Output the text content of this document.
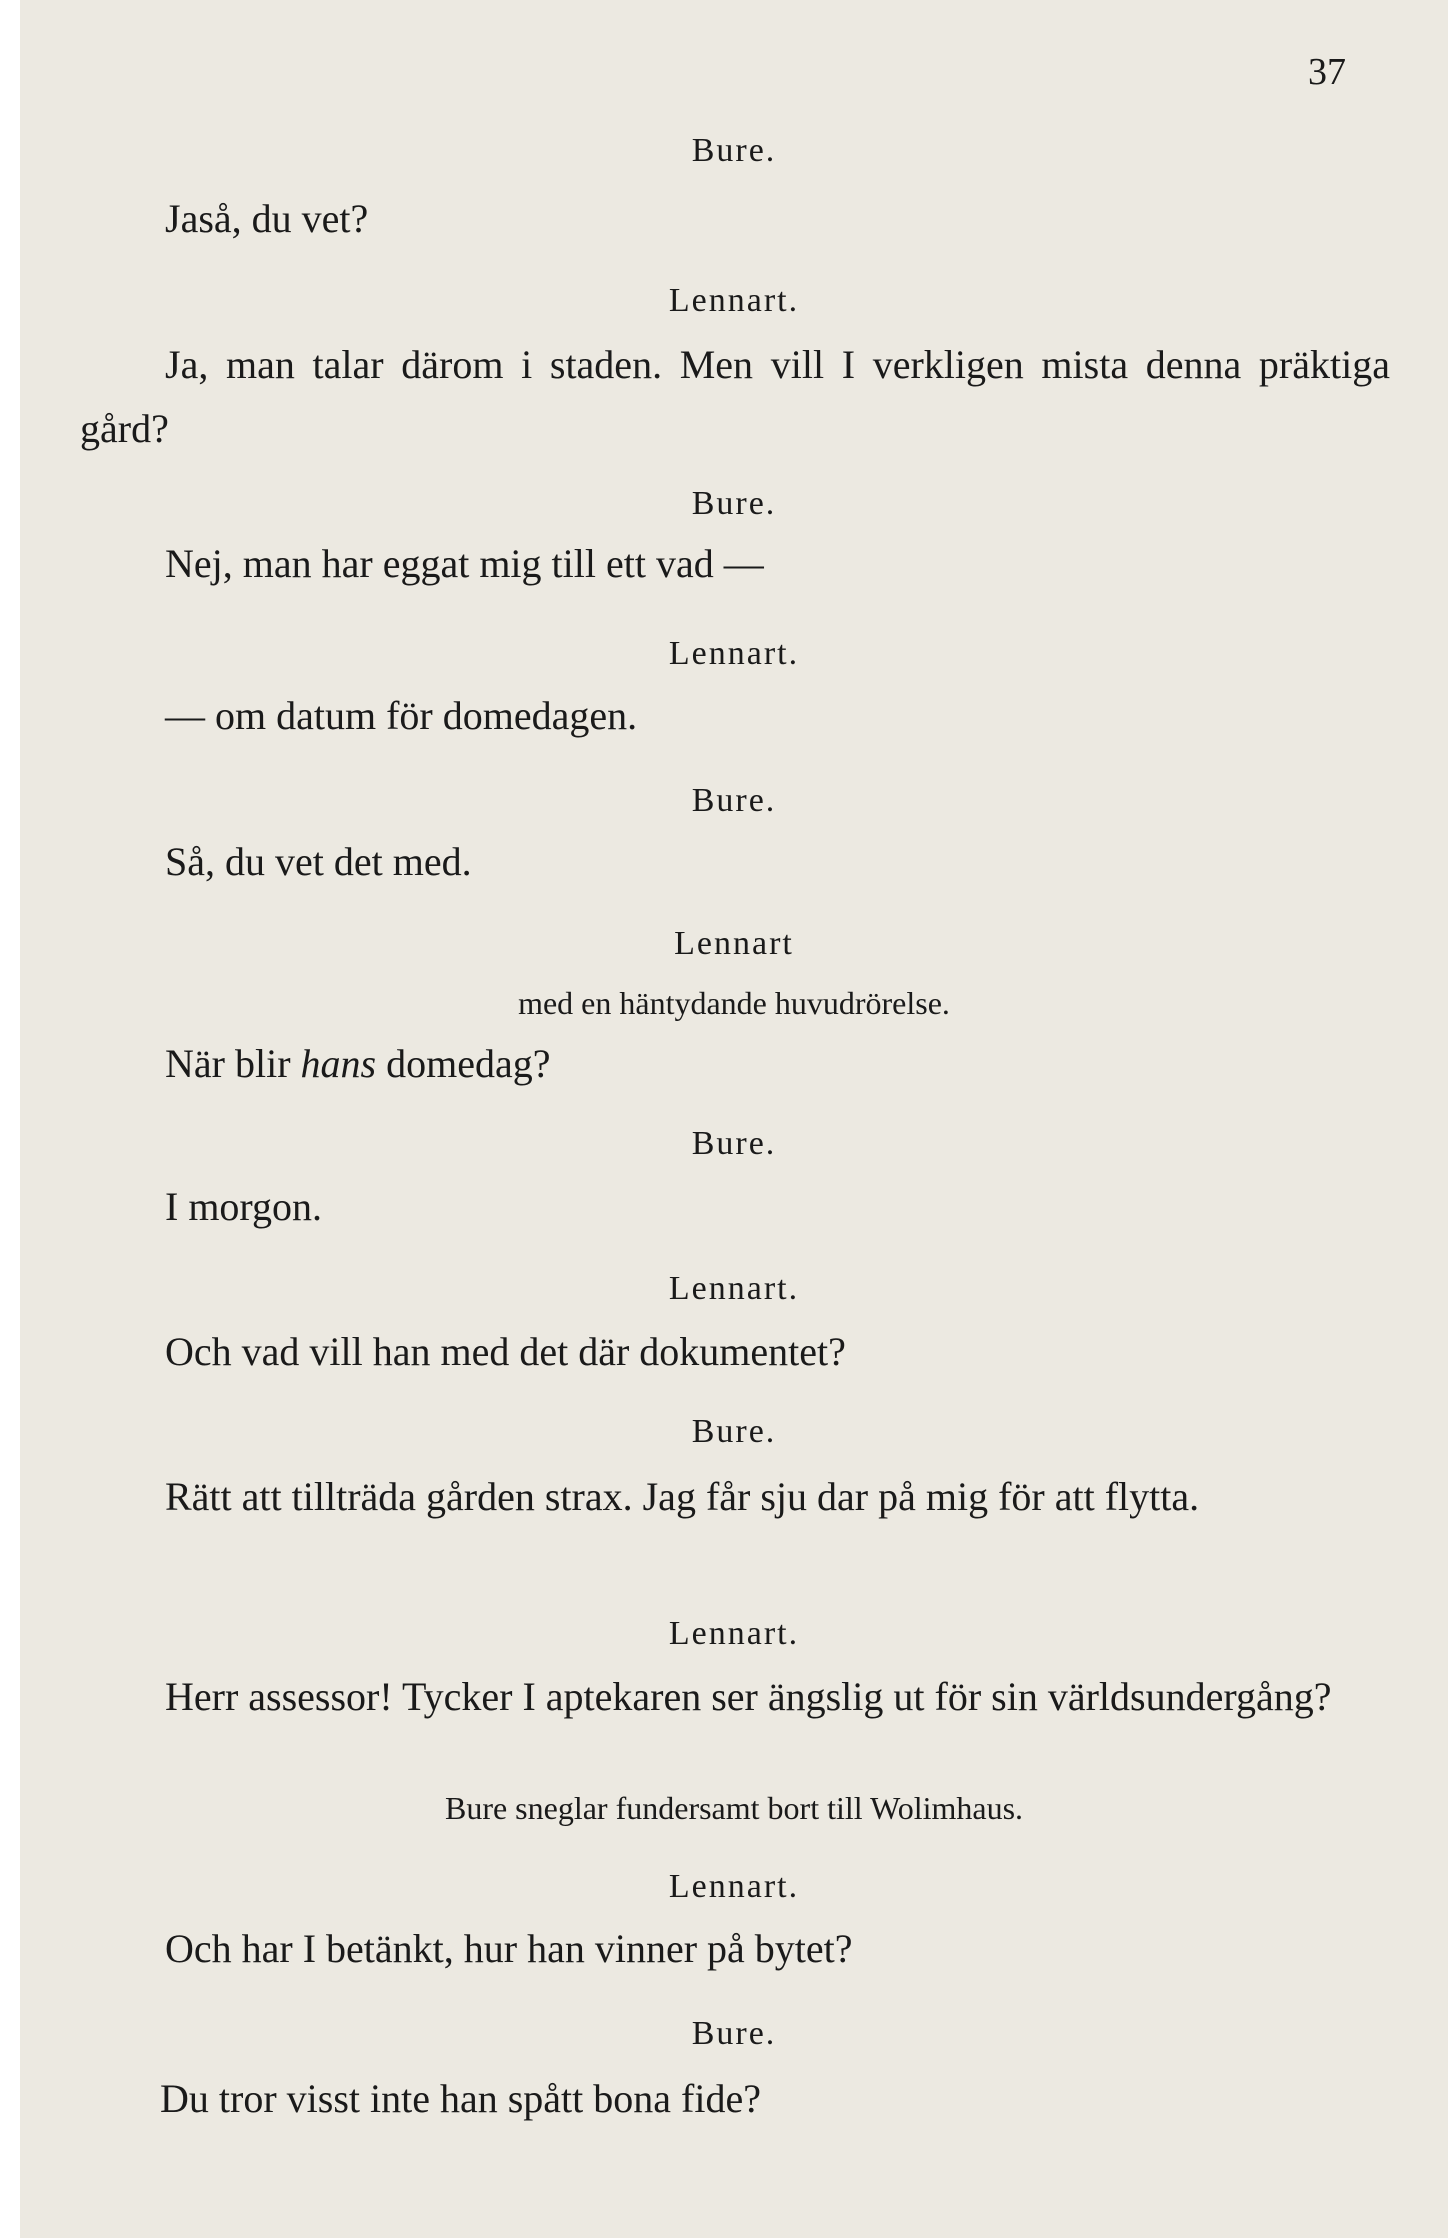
37
Bure.
Jaså, du vet?
Lennart.
Ja, man talar därom i staden. Men vill I verkligen mista denna präktiga gård?
Bure.
Nej, man har eggat mig till ett vad —
Lennart.
— om datum för domedagen.
Bure.
Så, du vet det med.
Lennart
med en häntydande huvudrörelse.
När blir hans domedag?
Bure.
I morgon.
Lennart.
Och vad vill han med det där dokumentet?
Bure.
Rätt att tillträda gården strax. Jag får sju dar på mig för att flytta.
Lennart.
Herr assessor! Tycker I aptekaren ser ängslig ut för sin världsundergång?
Bure sneglar fundersamt bort till Wolimhaus.
Lennart.
Och har I betänkt, hur han vinner på bytet?
Bure.
Du tror visst inte han spått bona fide?
